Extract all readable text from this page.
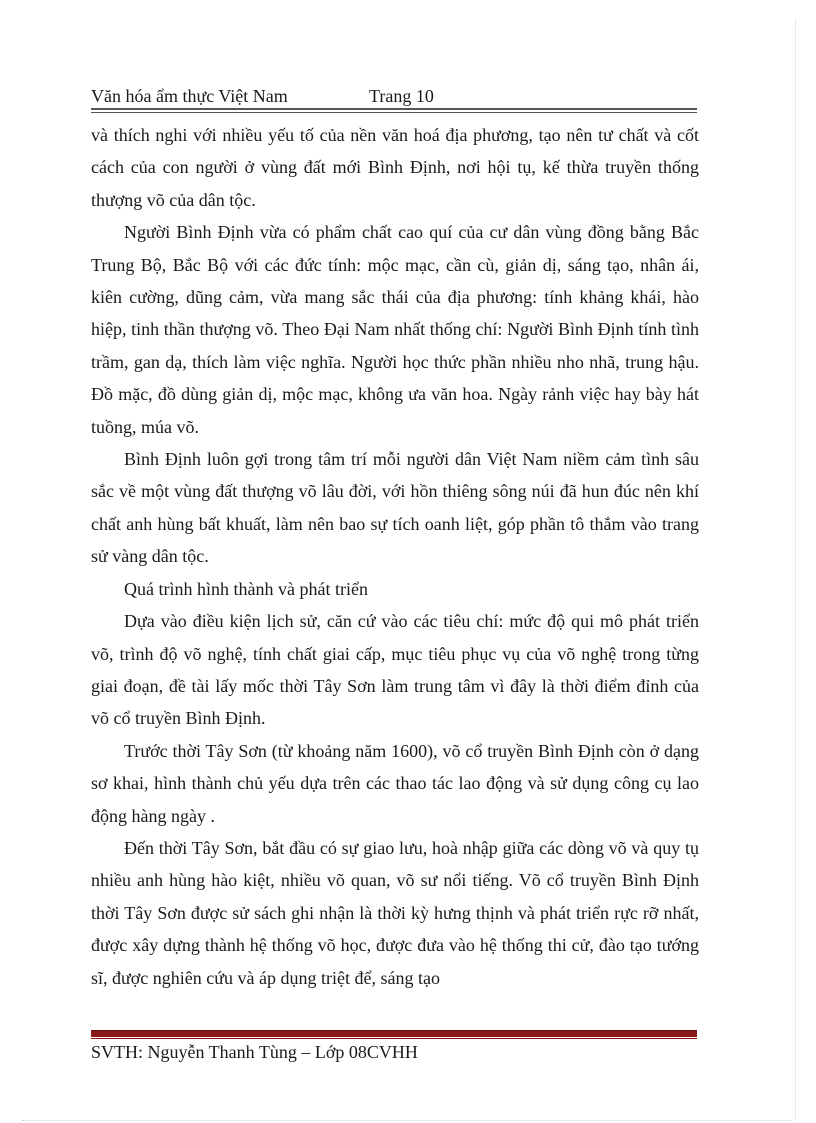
Văn hóa ẩm thực Việt Nam	Trang 10

và thích nghi với nhiều yếu tố của nền văn hoá địa phương, tạo nên tư chất và cốt cách của con người ở vùng đất mới Bình Định, nơi hội tụ, kế thừa truyền thống thượng võ của dân tộc.

Người Bình Định vừa có phẩm chất cao quí của cư dân vùng đồng bằng Bắc Trung Bộ, Bắc Bộ với các đức tính: mộc mạc, cần cù, giản dị, sáng tạo, nhân ái, kiên cường, dũng cảm, vừa mang sắc thái của địa phương: tính khảng khái, hào hiệp, tinh thần thượng võ. Theo Đại Nam nhất thống chí: Người Bình Định tính tình trầm, gan dạ, thích làm việc nghĩa. Người học thức phần nhiều nho nhã, trung hậu. Đồ mặc, đồ dùng giản dị, mộc mạc, không ưa văn hoa. Ngày rảnh việc hay bày hát tuồng, múa võ.

Bình Định luôn gợi trong tâm trí mỗi người dân Việt Nam niềm cảm tình sâu sắc về một vùng đất thượng võ lâu đời, với hồn thiêng sông núi đã hun đúc nên khí chất anh hùng bất khuất, làm nên bao sự tích oanh liệt, góp phần tô thắm vào trang sử vàng dân tộc.

Quá trình hình thành và phát triển

Dựa vào điều kiện lịch sử, căn cứ vào các tiêu chí: mức độ qui mô phát triển võ, trình độ võ nghệ, tính chất giai cấp, mục tiêu phục vụ của võ nghệ trong từng giai đoạn, đề tài lấy mốc thời Tây Sơn làm trung tâm vì đây là thời điểm đỉnh của võ cổ truyền Bình Định.

Trước thời Tây Sơn (từ khoảng năm 1600), võ cổ truyền Bình Định còn ở dạng sơ khai, hình thành chủ yếu dựa trên các thao tác lao động và sử dụng công cụ lao động hàng ngày .

Đến thời Tây Sơn, bắt đầu có sự giao lưu, hoà nhập giữa các dòng võ và quy tụ nhiều anh hùng hào kiệt, nhiều võ quan, võ sư nổi tiếng. Võ cổ truyền Bình Định thời Tây Sơn được sử sách ghi nhận là thời kỳ hưng thịnh và phát triển rực rỡ nhất, được xây dựng thành hệ thống võ học, được đưa vào hệ thống thi cử, đào tạo tướng sĩ, được nghiên cứu và áp dụng triệt để, sáng tạo

SVTH: Nguyễn Thanh Tùng – Lớp 08CVHH
